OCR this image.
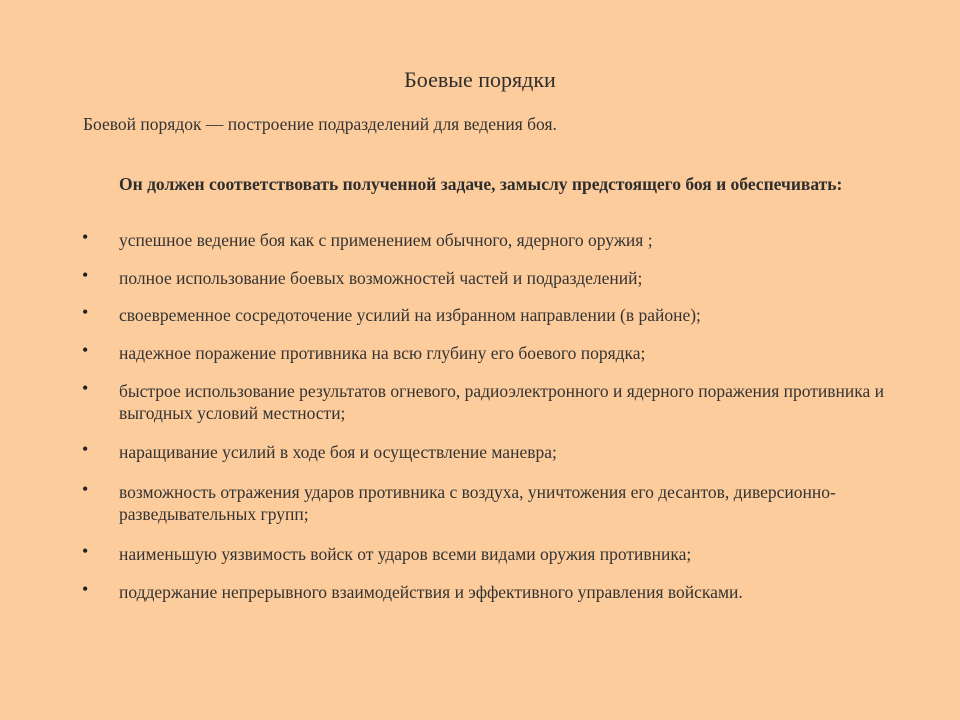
Боевые порядки
Боевой порядок — построение подразделений для ведения боя.
Он должен соответствовать полученной задаче, замыслу предстоящего боя и обеспечивать:
• успешное ведение боя как с применением обычного, ядерного оружия ;
• полное использование боевых возможностей частей и подразделений;
• своевременное сосредоточение усилий на избранном направлении (в районе);
• надежное поражение противника на всю глубину его боевого порядка;
• быстрое использование результатов огневого, радиоэлектронного и ядерного поражения противника и выгодных условий местности;
• наращивание усилий в ходе боя и осуществление маневра;
• возможность отражения ударов противника с воздуха, уничтожения его десантов, диверсионно-разведывательных групп;
• наименьшую уязвимость войск от ударов всеми видами оружия противника;
• поддержание непрерывного взаимодействия и эффективного управления войсками.
